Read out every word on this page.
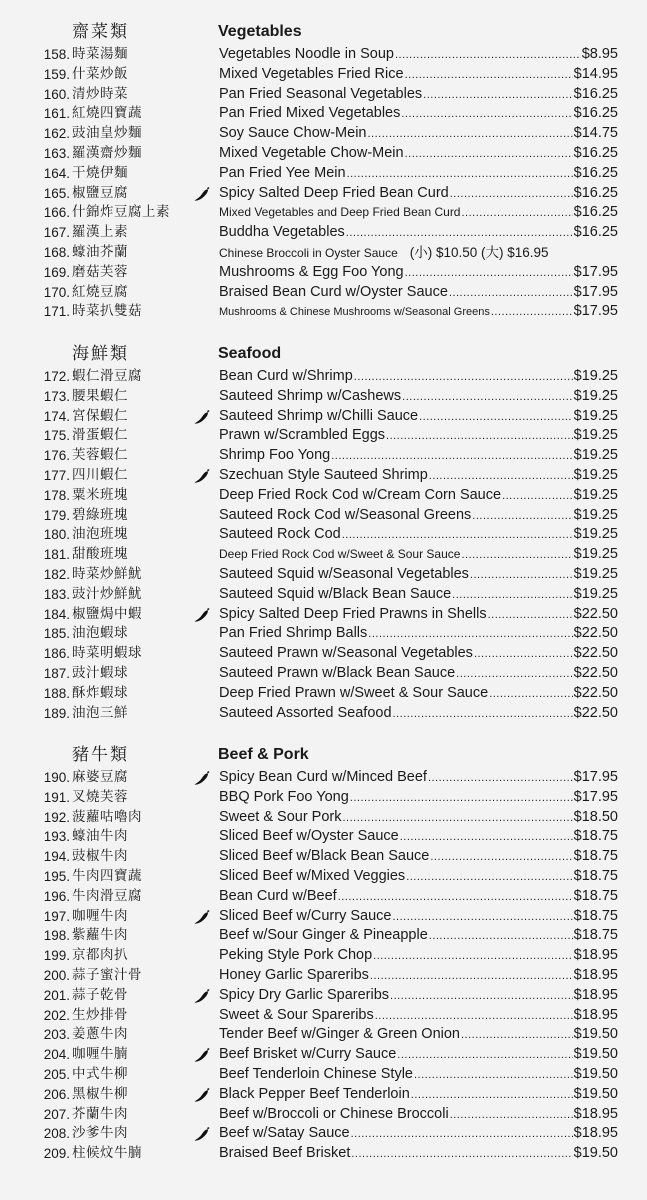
齋菜類	Vegetables
158. 時菜湯麵	Vegetables Noodle in Soup .....	$8.95
159. 什菜炒飯	Mixed Vegetables Fried Rice .....	$14.95
160. 清炒時菜	Pan Fried Seasonal Vegetables .....	$16.25
161. 紅燒四寶蔬	Pan Fried Mixed Vegetables .....	$16.25
162. 豉油皇炒麵	Soy Sauce Chow-Mein .....	$14.75
163. 羅漢齋炒麵	Mixed Vegetable Chow-Mein .....	$16.25
164. 干燒伊麵	Pan Fried Yee Mein .....	$16.25
165. 椒鹽豆腐	Spicy Salted Deep Fried Bean Curd .....	$16.25
166. 什錦炸豆腐上素	Mixed Vegetables and Deep Fried Bean Curd .....	$16.25
167. 羅漢上素	Buddha Vegetables .....	$16.25
168. 蠔油芥蘭	Chinese Broccoli in Oyster Sauce (小) $10.50 (大) $16.95
169. 磨菇芙蓉	Mushrooms & Egg Foo Yong .....	$17.95
170. 紅燒豆腐	Braised Bean Curd w/Oyster Sauce .....	$17.95
171. 時菜扒雙菇	Mushrooms & Chinese Mushrooms w/Seasonal Greens .....	$17.95
海鮮類	Seafood
172. 蝦仁滑豆腐	Bean Curd w/Shrimp .....	$19.25
173. 腰果蝦仁	Sauteed Shrimp w/Cashews .....	$19.25
174. 宮保蝦仁	Sauteed Shrimp w/Chilli Sauce .....	$19.25
175. 滑蛋蝦仁	Prawn w/Scrambled Eggs .....	$19.25
176. 芙蓉蝦仁	Shrimp Foo Yong .....	$19.25
177. 四川蝦仁	Szechuan Style Sauteed Shrimp .....	$19.25
178. 粟米班塊	Deep Fried Rock Cod w/Cream Corn Sauce .....	$19.25
179. 碧綠班塊	Sauteed Rock Cod w/Seasonal Greens .....	$19.25
180. 油泡班塊	Sauteed Rock Cod .....	$19.25
181. 甜酸班塊	Deep Fried Rock Cod w/Sweet & Sour Sauce .....	$19.25
182. 時菜炒鮮魷	Sauteed Squid w/Seasonal Vegetables .....	$19.25
183. 豉汁炒鮮魷	Sauteed Squid w/Black Bean Sauce .....	$19.25
184. 椒鹽焗中蝦	Spicy Salted Deep Fried Prawns in Shells .....	$22.50
185. 油泡蝦球	Pan Fried Shrimp Balls .....	$22.50
186. 時菜明蝦球	Sauteed Prawn w/Seasonal Vegetables .....	$22.50
187. 豉汁蝦球	Sauteed Prawn w/Black Bean Sauce .....	$22.50
188. 酥炸蝦球	Deep Fried Prawn w/Sweet & Sour Sauce .....	$22.50
189. 油泡三鮮	Sauteed Assorted Seafood .....	$22.50
豬牛類	Beef & Pork
190. 麻婆豆腐	Spicy Bean Curd w/Minced Beef .....	$17.95
191. 叉燒芙蓉	BBQ Pork Foo Yong .....	$17.95
192. 菠蘿咕嚕肉	Sweet & Sour Pork .....	$18.50
193. 蠔油牛肉	Sliced Beef w/Oyster Sauce .....	$18.75
194. 豉椒牛肉	Sliced Beef w/Black Bean Sauce .....	$18.75
195. 牛肉四寶蔬	Sliced Beef w/Mixed Veggies .....	$18.75
196. 牛肉滑豆腐	Bean Curd w/Beef .....	$18.75
197. 咖喱牛肉	Sliced Beef w/Curry Sauce .....	$18.75
198. 紫蘿牛肉	Beef w/Sour Ginger & Pineapple .....	$18.75
199. 京都肉扒	Peking Style Pork Chop .....	$18.95
200. 蒜子蜜汁骨	Honey Garlic Spareribs .....	$18.95
201. 蒜子乾骨	Spicy Dry Garlic Spareribs .....	$18.95
202. 生炒排骨	Sweet & Sour Spareribs .....	$18.95
203. 姜蔥牛肉	Tender Beef w/Ginger & Green Onion .....	$19.50
204. 咖喱牛腩	Beef Brisket w/Curry Sauce .....	$19.50
205. 中式牛柳	Beef Tenderloin Chinese Style .....	$19.50
206. 黑椒牛柳	Black Pepper Beef Tenderloin .....	$19.50
207. 芥蘭牛肉	Beef w/Broccoli or Chinese Broccoli .....	$18.95
208. 沙爹牛肉	Beef w/Satay Sauce .....	$18.95
209. 柱候炆牛腩	Braised Beef Brisket .....	$19.50
